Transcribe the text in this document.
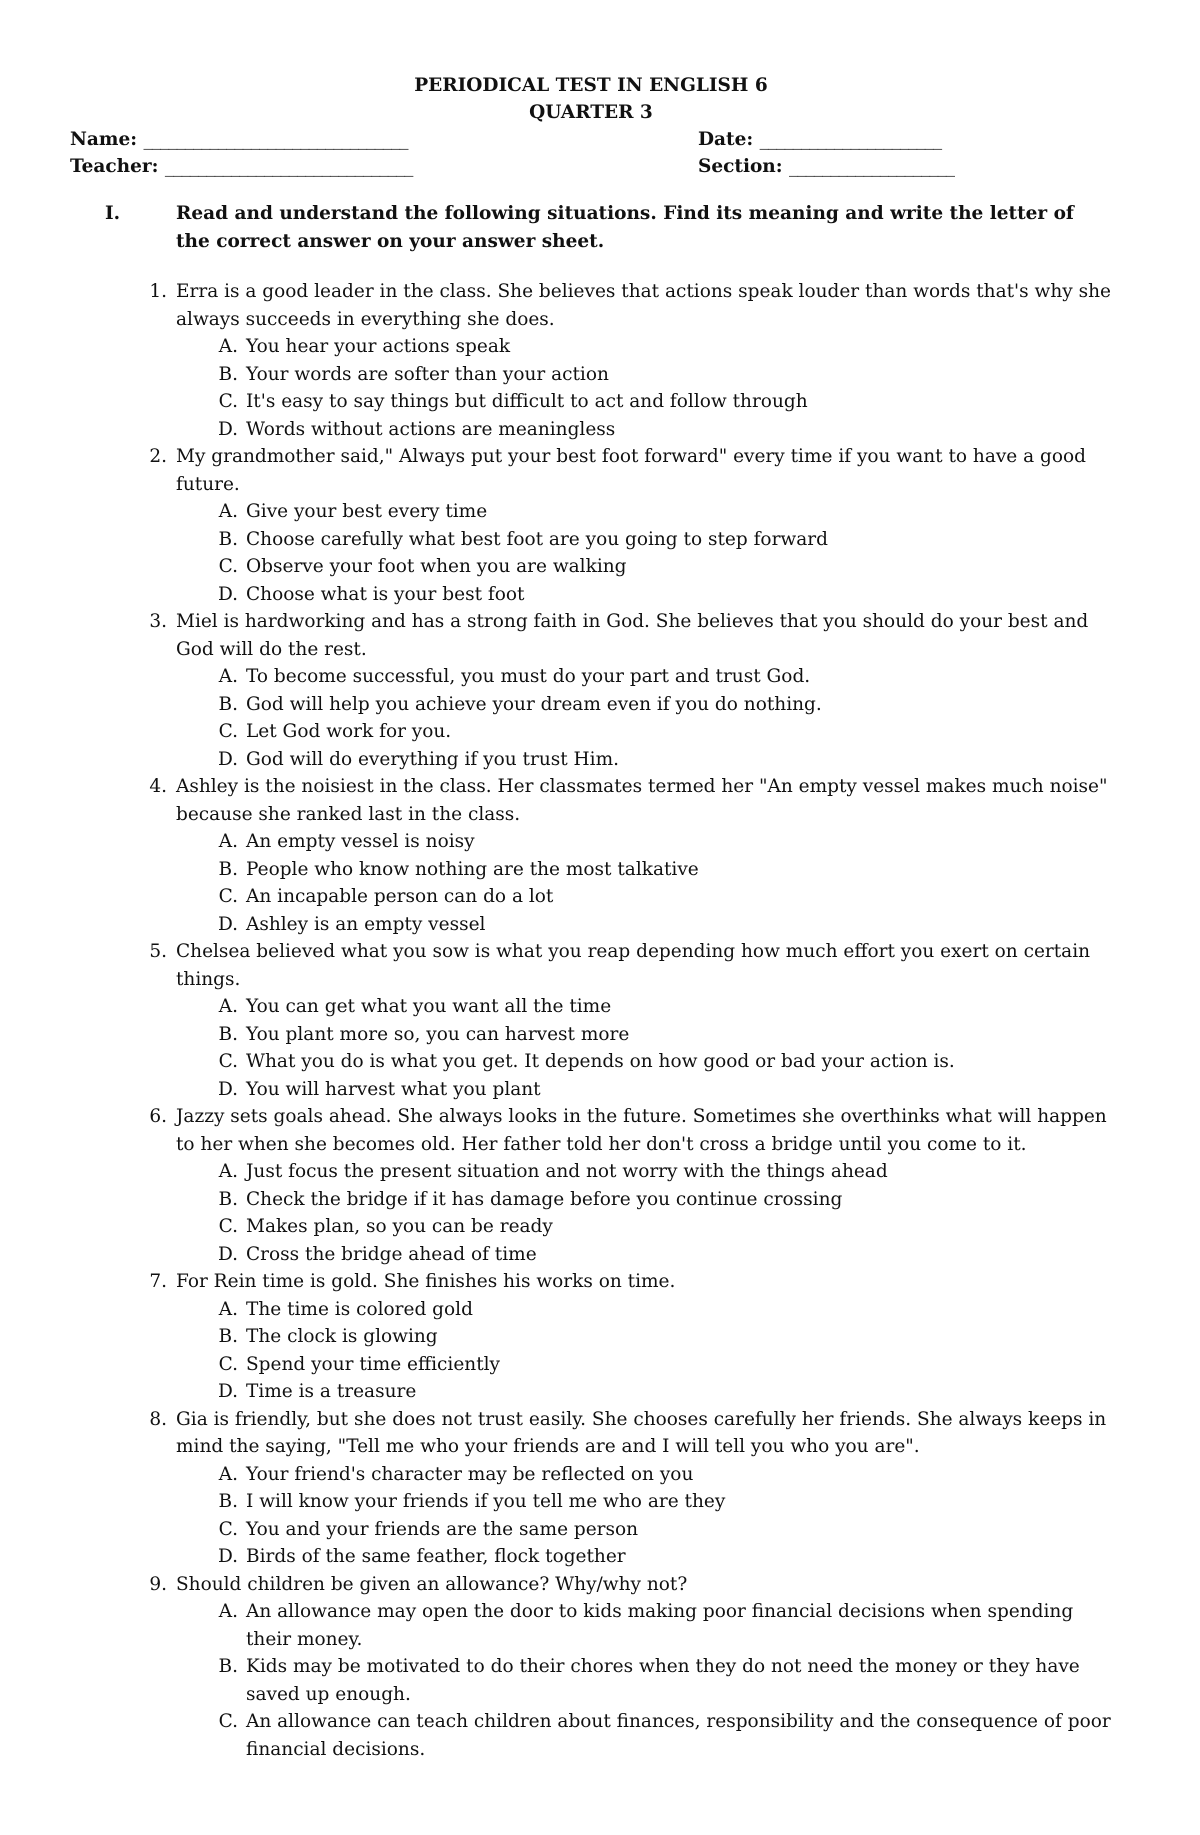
PERIODICAL TEST IN ENGLISH 6
QUARTER 3
Name: ________________________________	Date: ______________________
Teacher: ______________________________	Section: ____________________
I.	Read and understand the following situations. Find its meaning and write the letter of the correct answer on your answer sheet.
1. Erra is a good leader in the class. She believes that actions speak louder than words that's why she always succeeds in everything she does.
A. You hear your actions speak
B. Your words are softer than your action
C. It's easy to say things but difficult to act and follow through
D. Words without actions are meaningless
2. My grandmother said," Always put your best foot forward" every time if you want to have a good future.
A. Give your best every time
B. Choose carefully what best foot are you going to step forward
C. Observe your foot when you are walking
D. Choose what is your best foot
3. Miel is hardworking and has a strong faith in God. She believes that you should do your best and God will do the rest.
A. To become successful, you must do your part and trust God.
B. God will help you achieve your dream even if you do nothing.
C. Let God work for you.
D. God will do everything if you trust Him.
4. Ashley is the noisiest in the class. Her classmates termed her "An empty vessel makes much noise" because she ranked last in the class.
A. An empty vessel is noisy
B. People who know nothing are the most talkative
C. An incapable person can do a lot
D. Ashley is an empty vessel
5. Chelsea believed what you sow is what you reap depending how much effort you exert on certain things.
A. You can get what you want all the time
B. You plant more so, you can harvest more
C. What you do is what you get. It depends on how good or bad your action is.
D. You will harvest what you plant
6. Jazzy sets goals ahead. She always looks in the future. Sometimes she overthinks what will happen to her when she becomes old. Her father told her don't cross a bridge until you come to it.
A. Just focus the present situation and not worry with the things ahead
B. Check the bridge if it has damage before you continue crossing
C. Makes plan, so you can be ready
D. Cross the bridge ahead of time
7. For Rein time is gold. She finishes his works on time.
A. The time is colored gold
B. The clock is glowing
C. Spend your time efficiently
D. Time is a treasure
8. Gia is friendly, but she does not trust easily. She chooses carefully her friends. She always keeps in mind the saying, "Tell me who your friends are and I will tell you who you are".
A. Your friend's character may be reflected on you
B. I will know your friends if you tell me who are they
C. You and your friends are the same person
D. Birds of the same feather, flock together
9. Should children be given an allowance? Why/why not?
A. An allowance may open the door to kids making poor financial decisions when spending their money.
B. Kids may be motivated to do their chores when they do not need the money or they have saved up enough.
C. An allowance can teach children about finances, responsibility and the consequence of poor financial decisions.
